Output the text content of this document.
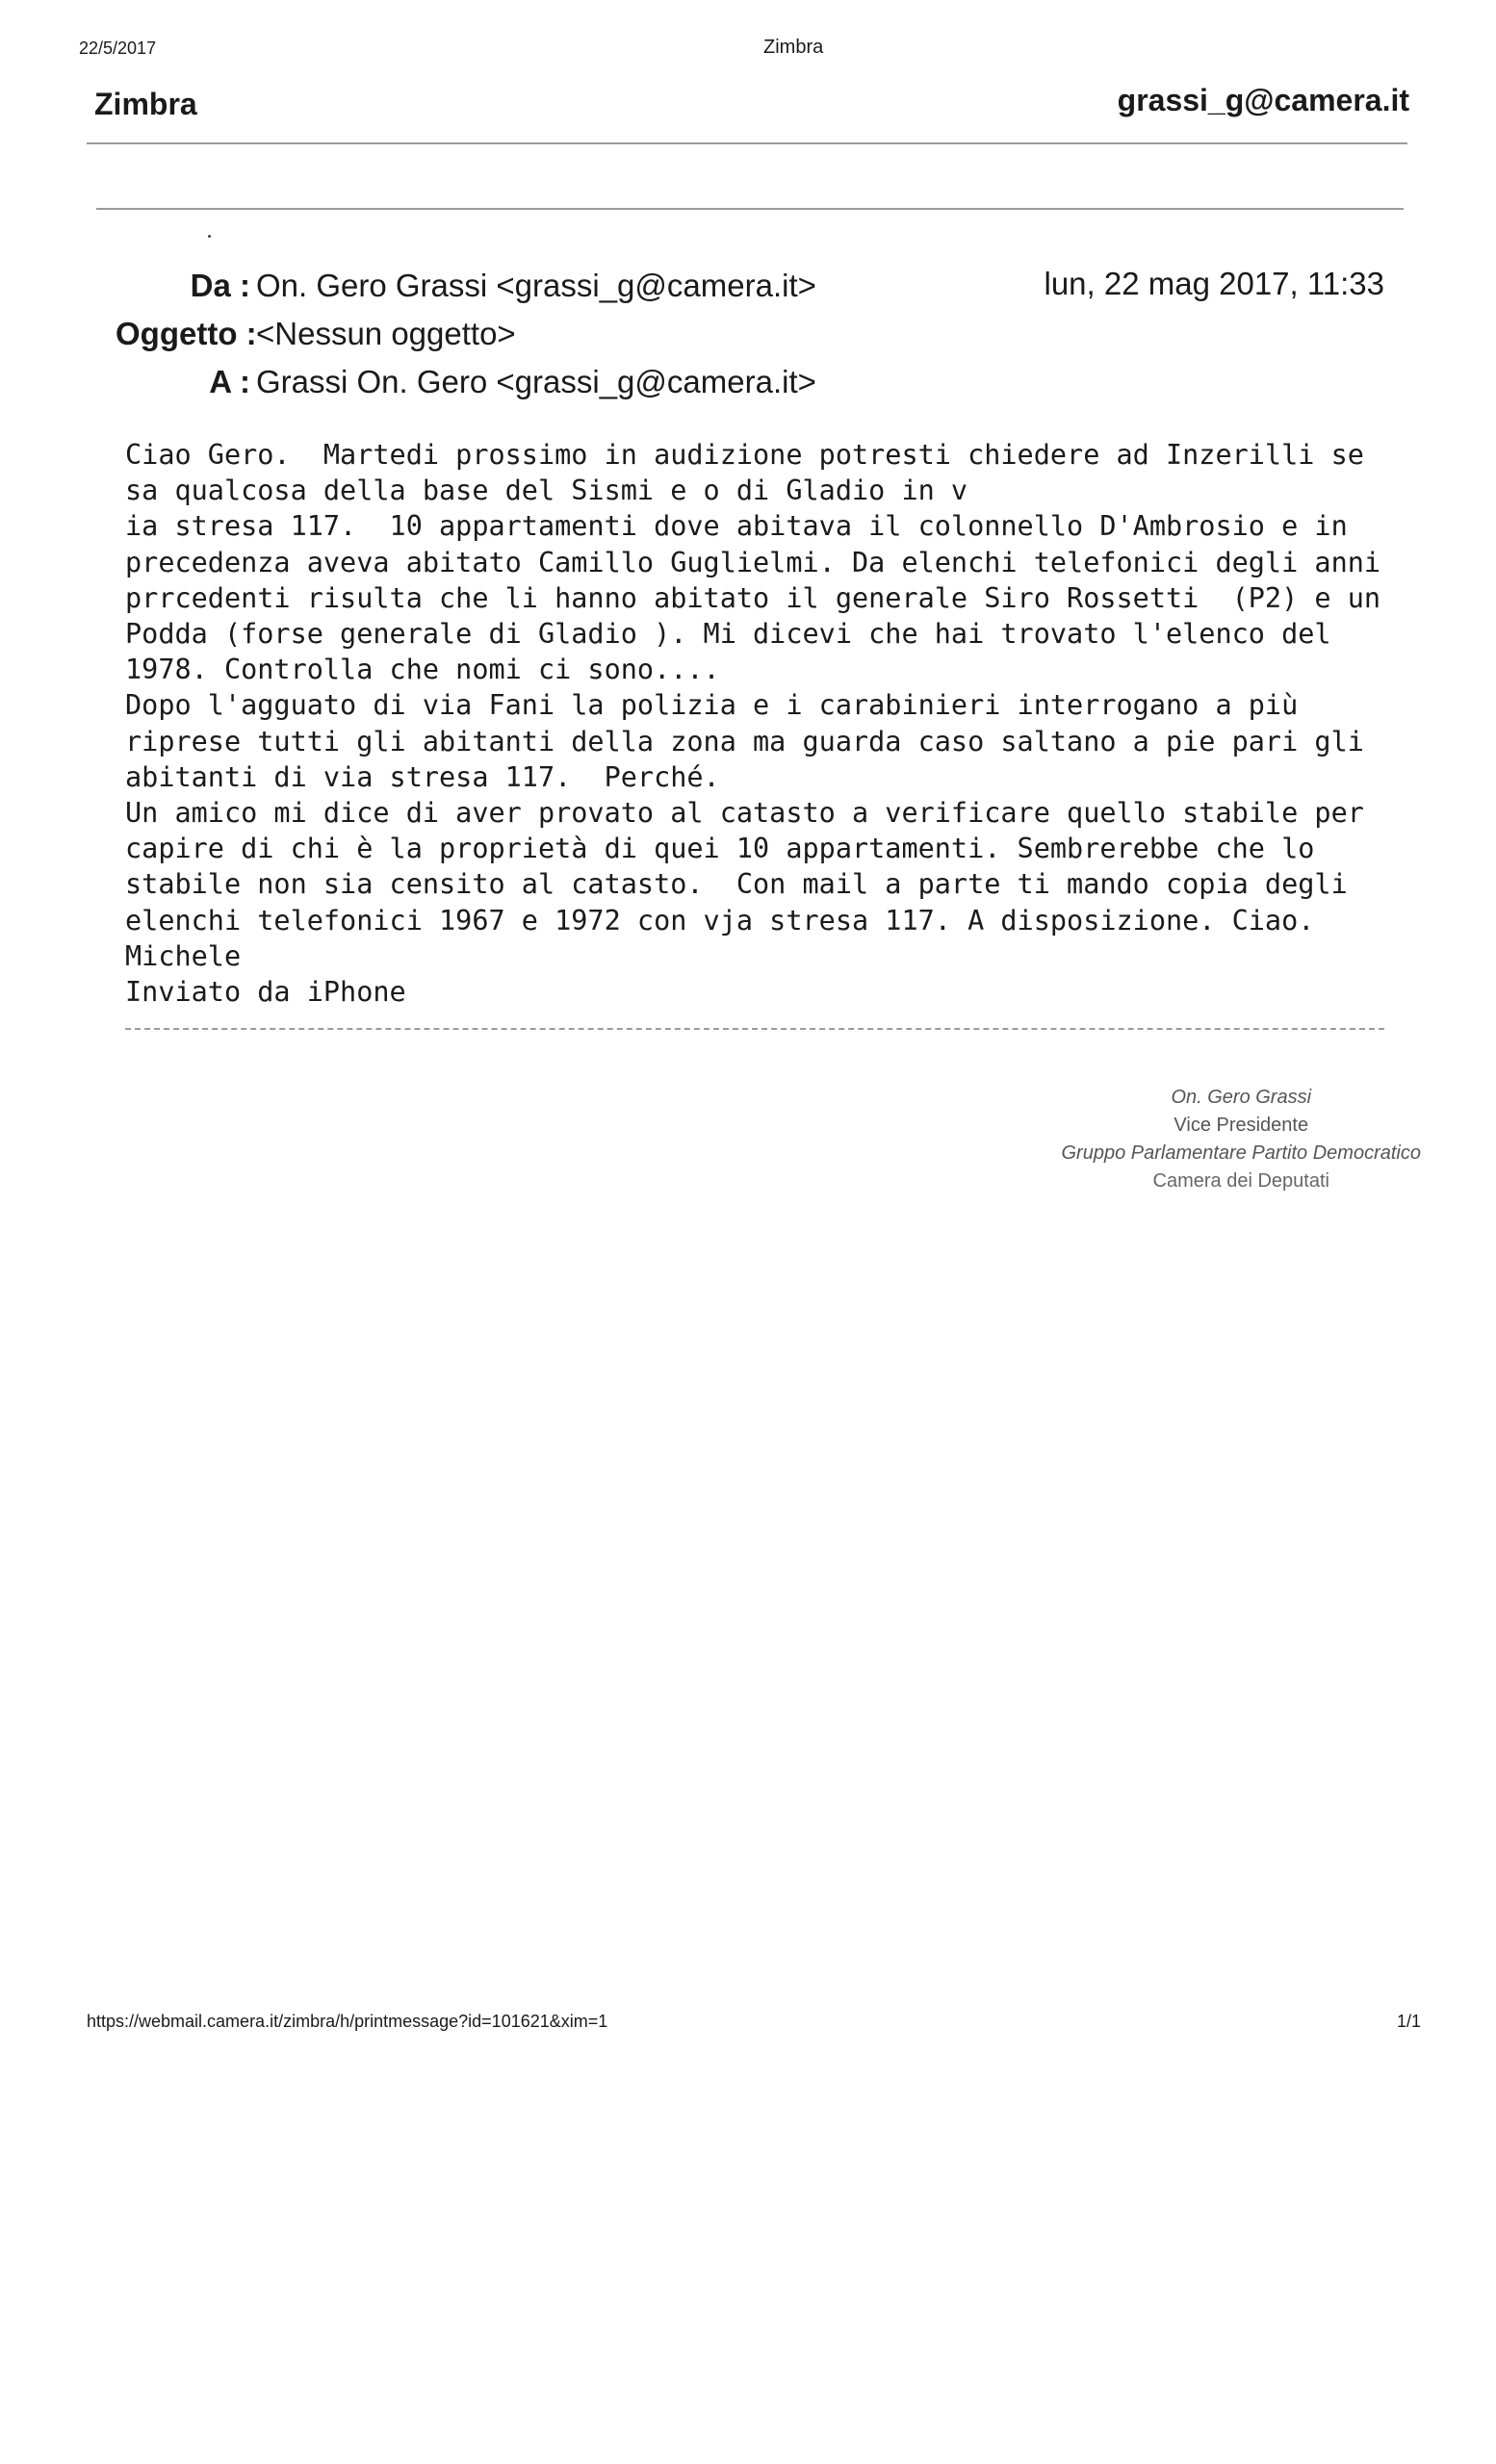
22/5/2017	Zimbra
Zimbra	grassi_g@camera.it
Da : On. Gero Grassi <grassi_g@camera.it>	lun, 22 mag 2017, 11:33
Oggetto :<Nessun oggetto>
A : Grassi On. Gero <grassi_g@camera.it>
Ciao Gero.  Martedi prossimo in audizione potresti chiedere ad Inzerilli se
sa qualcosa della base del Sismi e o di Gladio in v
ia stresa 117.  10 appartamenti dove abitava il colonnello D'Ambrosio e in
precedenza aveva abitato Camillo Guglielmi. Da elenchi telefonici degli anni
prrcedenti risulta che li hanno abitato il generale Siro Rossetti  (P2) e un
Podda (forse generale di Gladio ). Mi dicevi che hai trovato l'elenco del
1978. Controlla che nomi ci sono....
Dopo l'agguato di via Fani la polizia e i carabinieri interrogano a più
riprese tutti gli abitanti della zona ma guarda caso saltano a pie pari gli
abitanti di via stresa 117.  Perché.
Un amico mi dice di aver provato al catasto a verificare quello stabile per
capire di chi è la proprietà di quei 10 appartamenti. Sembrerebbe che lo
stabile non sia censito al catasto.  Con mail a parte ti mando copia degli
elenchi telefonici 1967 e 1972 con vja stresa 117. A disposizione. Ciao.
Michele
Inviato da iPhone
On. Gero Grassi
Vice Presidente
Gruppo Parlamentare Partito Democratico
Camera dei Deputati
https://webmail.camera.it/zimbra/h/printmessage?id=101621&xim=1	1/1
